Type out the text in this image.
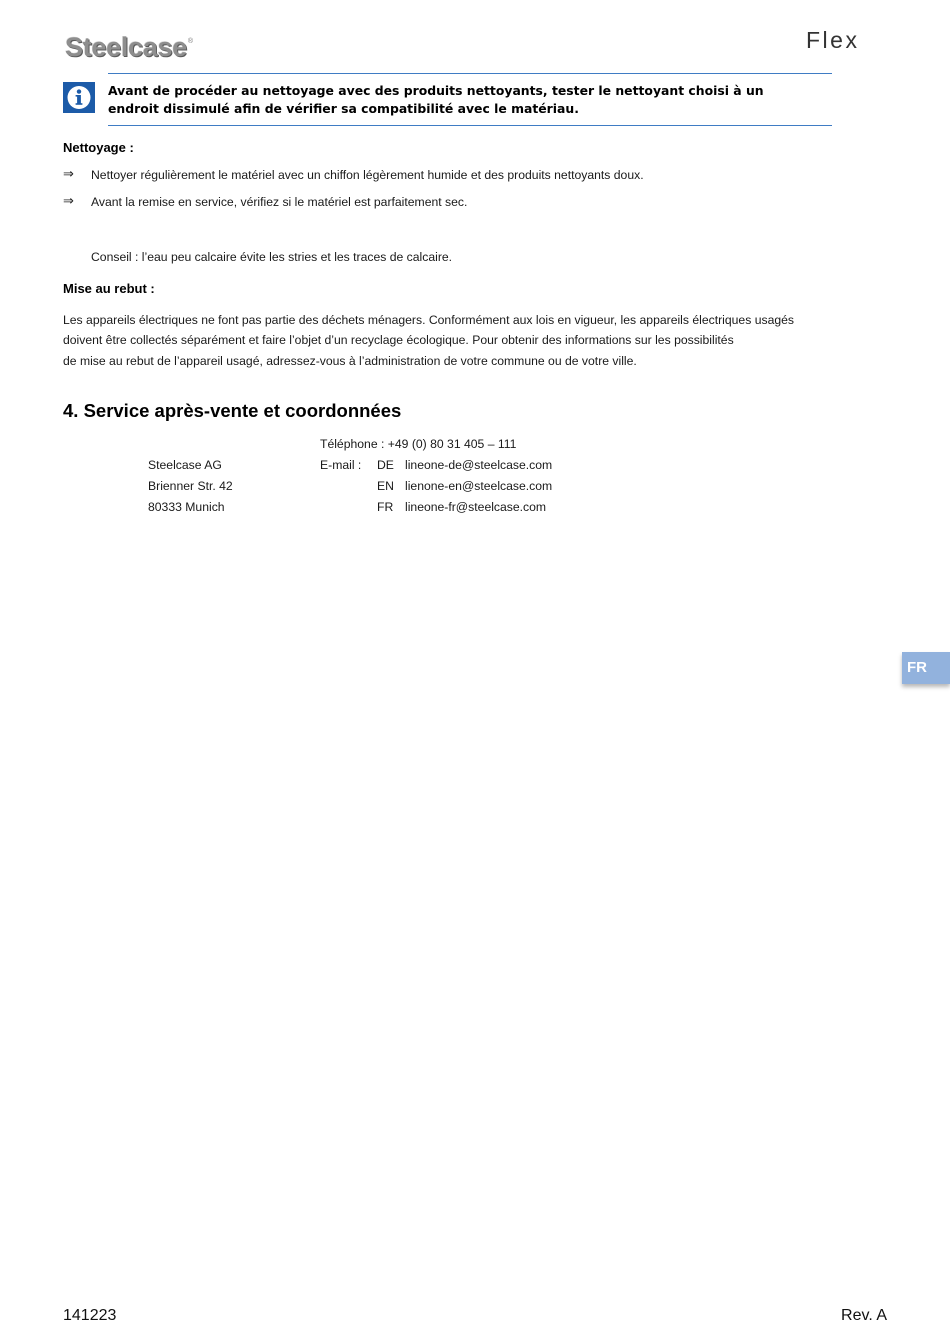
Steelcase®	Flex
Avant de procéder au nettoyage avec des produits nettoyants, tester le nettoyant choisi à un
endroit dissimulé afin de vérifier sa compatibilité avec le matériau.
Nettoyage :
⇒ Nettoyer régulièrement le matériel avec un chiffon légèrement humide et des produits nettoyants doux.
⇒ Avant la remise en service, vérifiez si le matériel est parfaitement sec.
Conseil : l’eau peu calcaire évite les stries et les traces de calcaire.
Mise au rebut :
Les appareils électriques ne font pas partie des déchets ménagers. Conformément aux lois en vigueur, les appareils électriques usagés
doivent être collectés séparément et faire l’objet d’un recyclage écologique. Pour obtenir des informations sur les possibilités
de mise au rebut de l’appareil usagé, adressez-vous à l’administration de votre commune ou de votre ville.
4. Service après-vente et coordonnées
Téléphone : +49 (0) 80 31 405 – 111
Steelcase AG	E-mail : DE lineone-de@steelcase.com
Brienner Str. 42	EN lienone-en@steelcase.com
80333 Munich	FR lineone-fr@steelcase.com
FR
141223	Rev. A
